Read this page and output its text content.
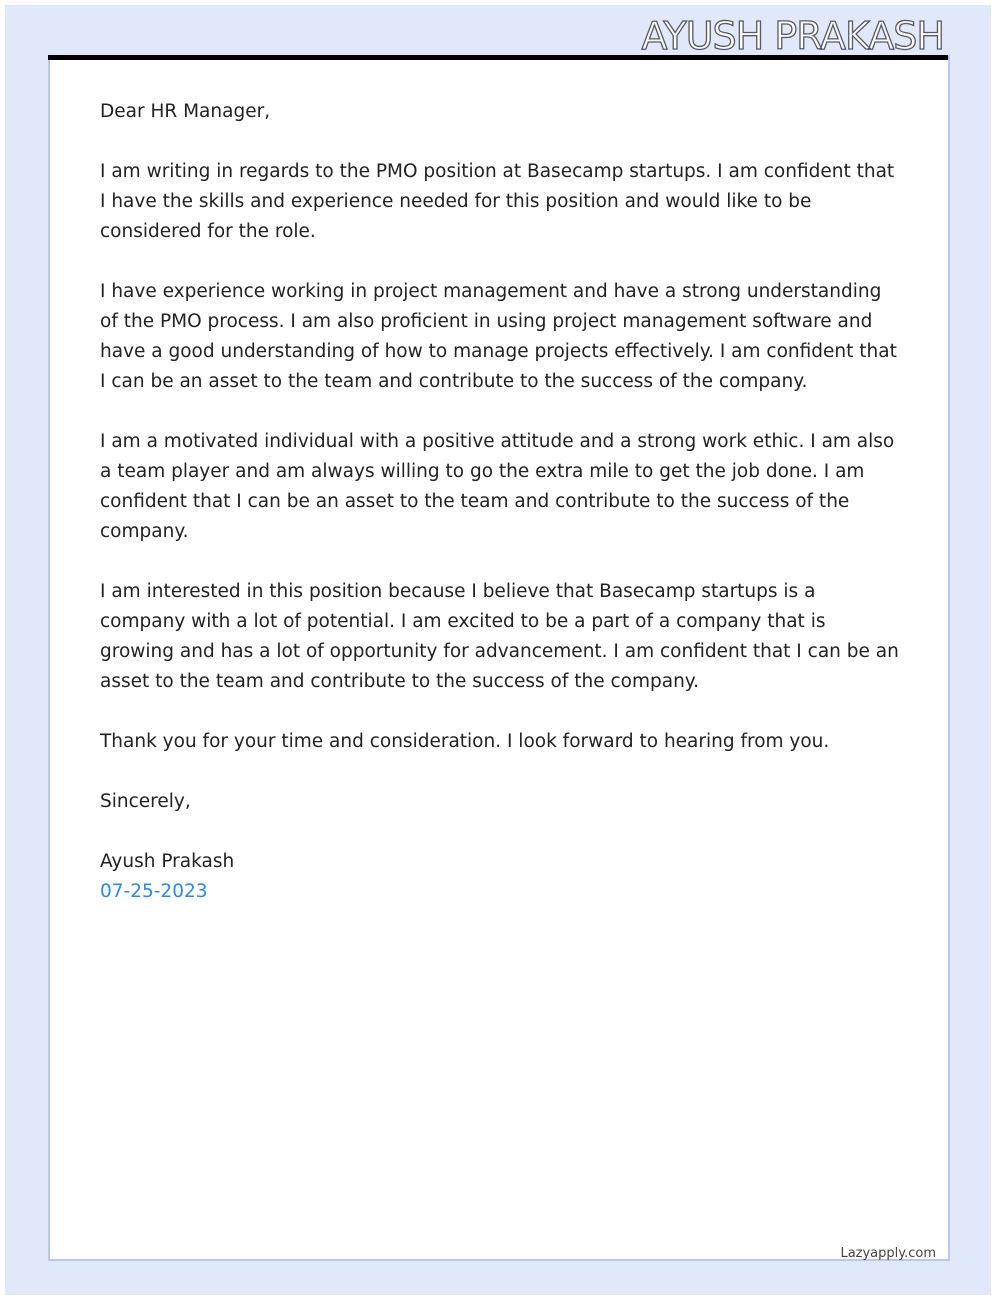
AYUSH PRAKASH

Dear HR Manager,

I am writing in regards to the PMO position at Basecamp startups. I am confident that I have the skills and experience needed for this position and would like to be considered for the role.

I have experience working in project management and have a strong understanding of the PMO process. I am also proficient in using project management software and have a good understanding of how to manage projects effectively. I am confident that I can be an asset to the team and contribute to the success of the company.

I am a motivated individual with a positive attitude and a strong work ethic. I am also a team player and am always willing to go the extra mile to get the job done. I am confident that I can be an asset to the team and contribute to the success of the company.

I am interested in this position because I believe that Basecamp startups is a company with a lot of potential. I am excited to be a part of a company that is growing and has a lot of opportunity for advancement. I am confident that I can be an asset to the team and contribute to the success of the company.

Thank you for your time and consideration. I look forward to hearing from you.

Sincerely,

Ayush Prakash

07-25-2023

Lazyapply.com
